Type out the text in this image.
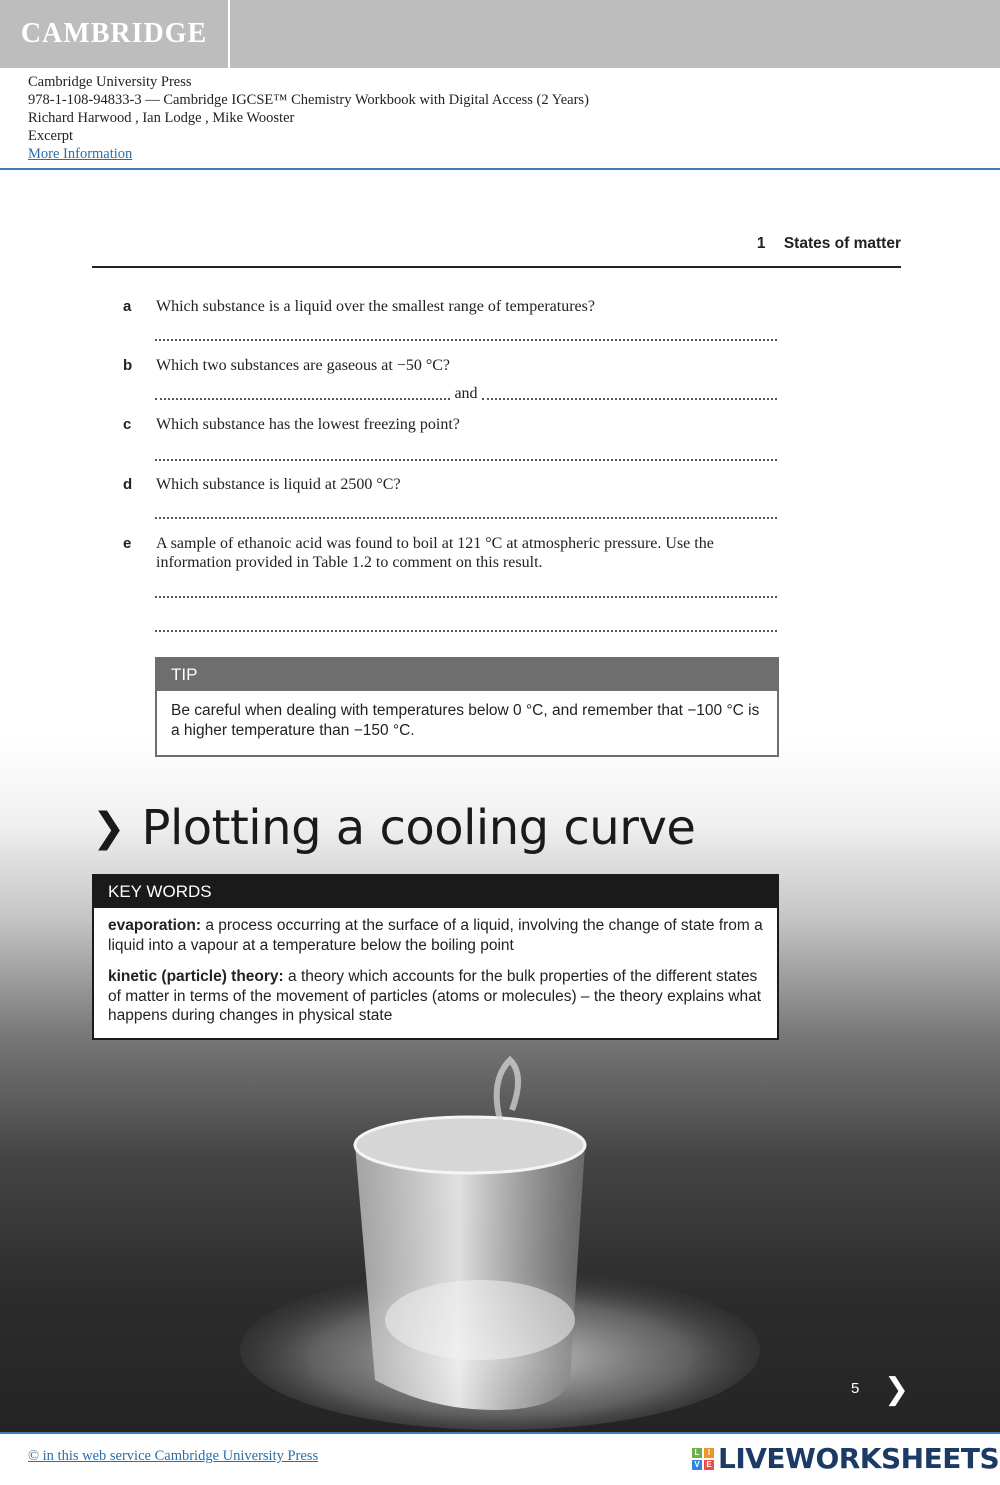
CAMBRIDGE
Cambridge University Press
978-1-108-94833-3 — Cambridge IGCSE™ Chemistry Workbook with Digital Access (2 Years)
Richard Harwood , Ian Lodge , Mike Wooster
Excerpt
More Information
1 States of matter
a Which substance is a liquid over the smallest range of temperatures?
b Which two substances are gaseous at −50 °C?
and
c Which substance has the lowest freezing point?
d Which substance is liquid at 2500 °C?
e A sample of ethanoic acid was found to boil at 121 °C at atmospheric pressure. Use the information provided in Table 1.2 to comment on this result.
TIP
Be careful when dealing with temperatures below 0 °C, and remember that −100 °C is a higher temperature than −150 °C.
❯ Plotting a cooling curve
KEY WORDS

evaporation: a process occurring at the surface of a liquid, involving the change of state from a liquid into a vapour at a temperature below the boiling point

kinetic (particle) theory: a theory which accounts for the bulk properties of the different states of matter in terms of the movement of particles (atoms or molecules) – the theory explains what happens during changes in physical state

5 ❯
© in this web service Cambridge University Press	L	I
V E LIVEWORKSHEETS
